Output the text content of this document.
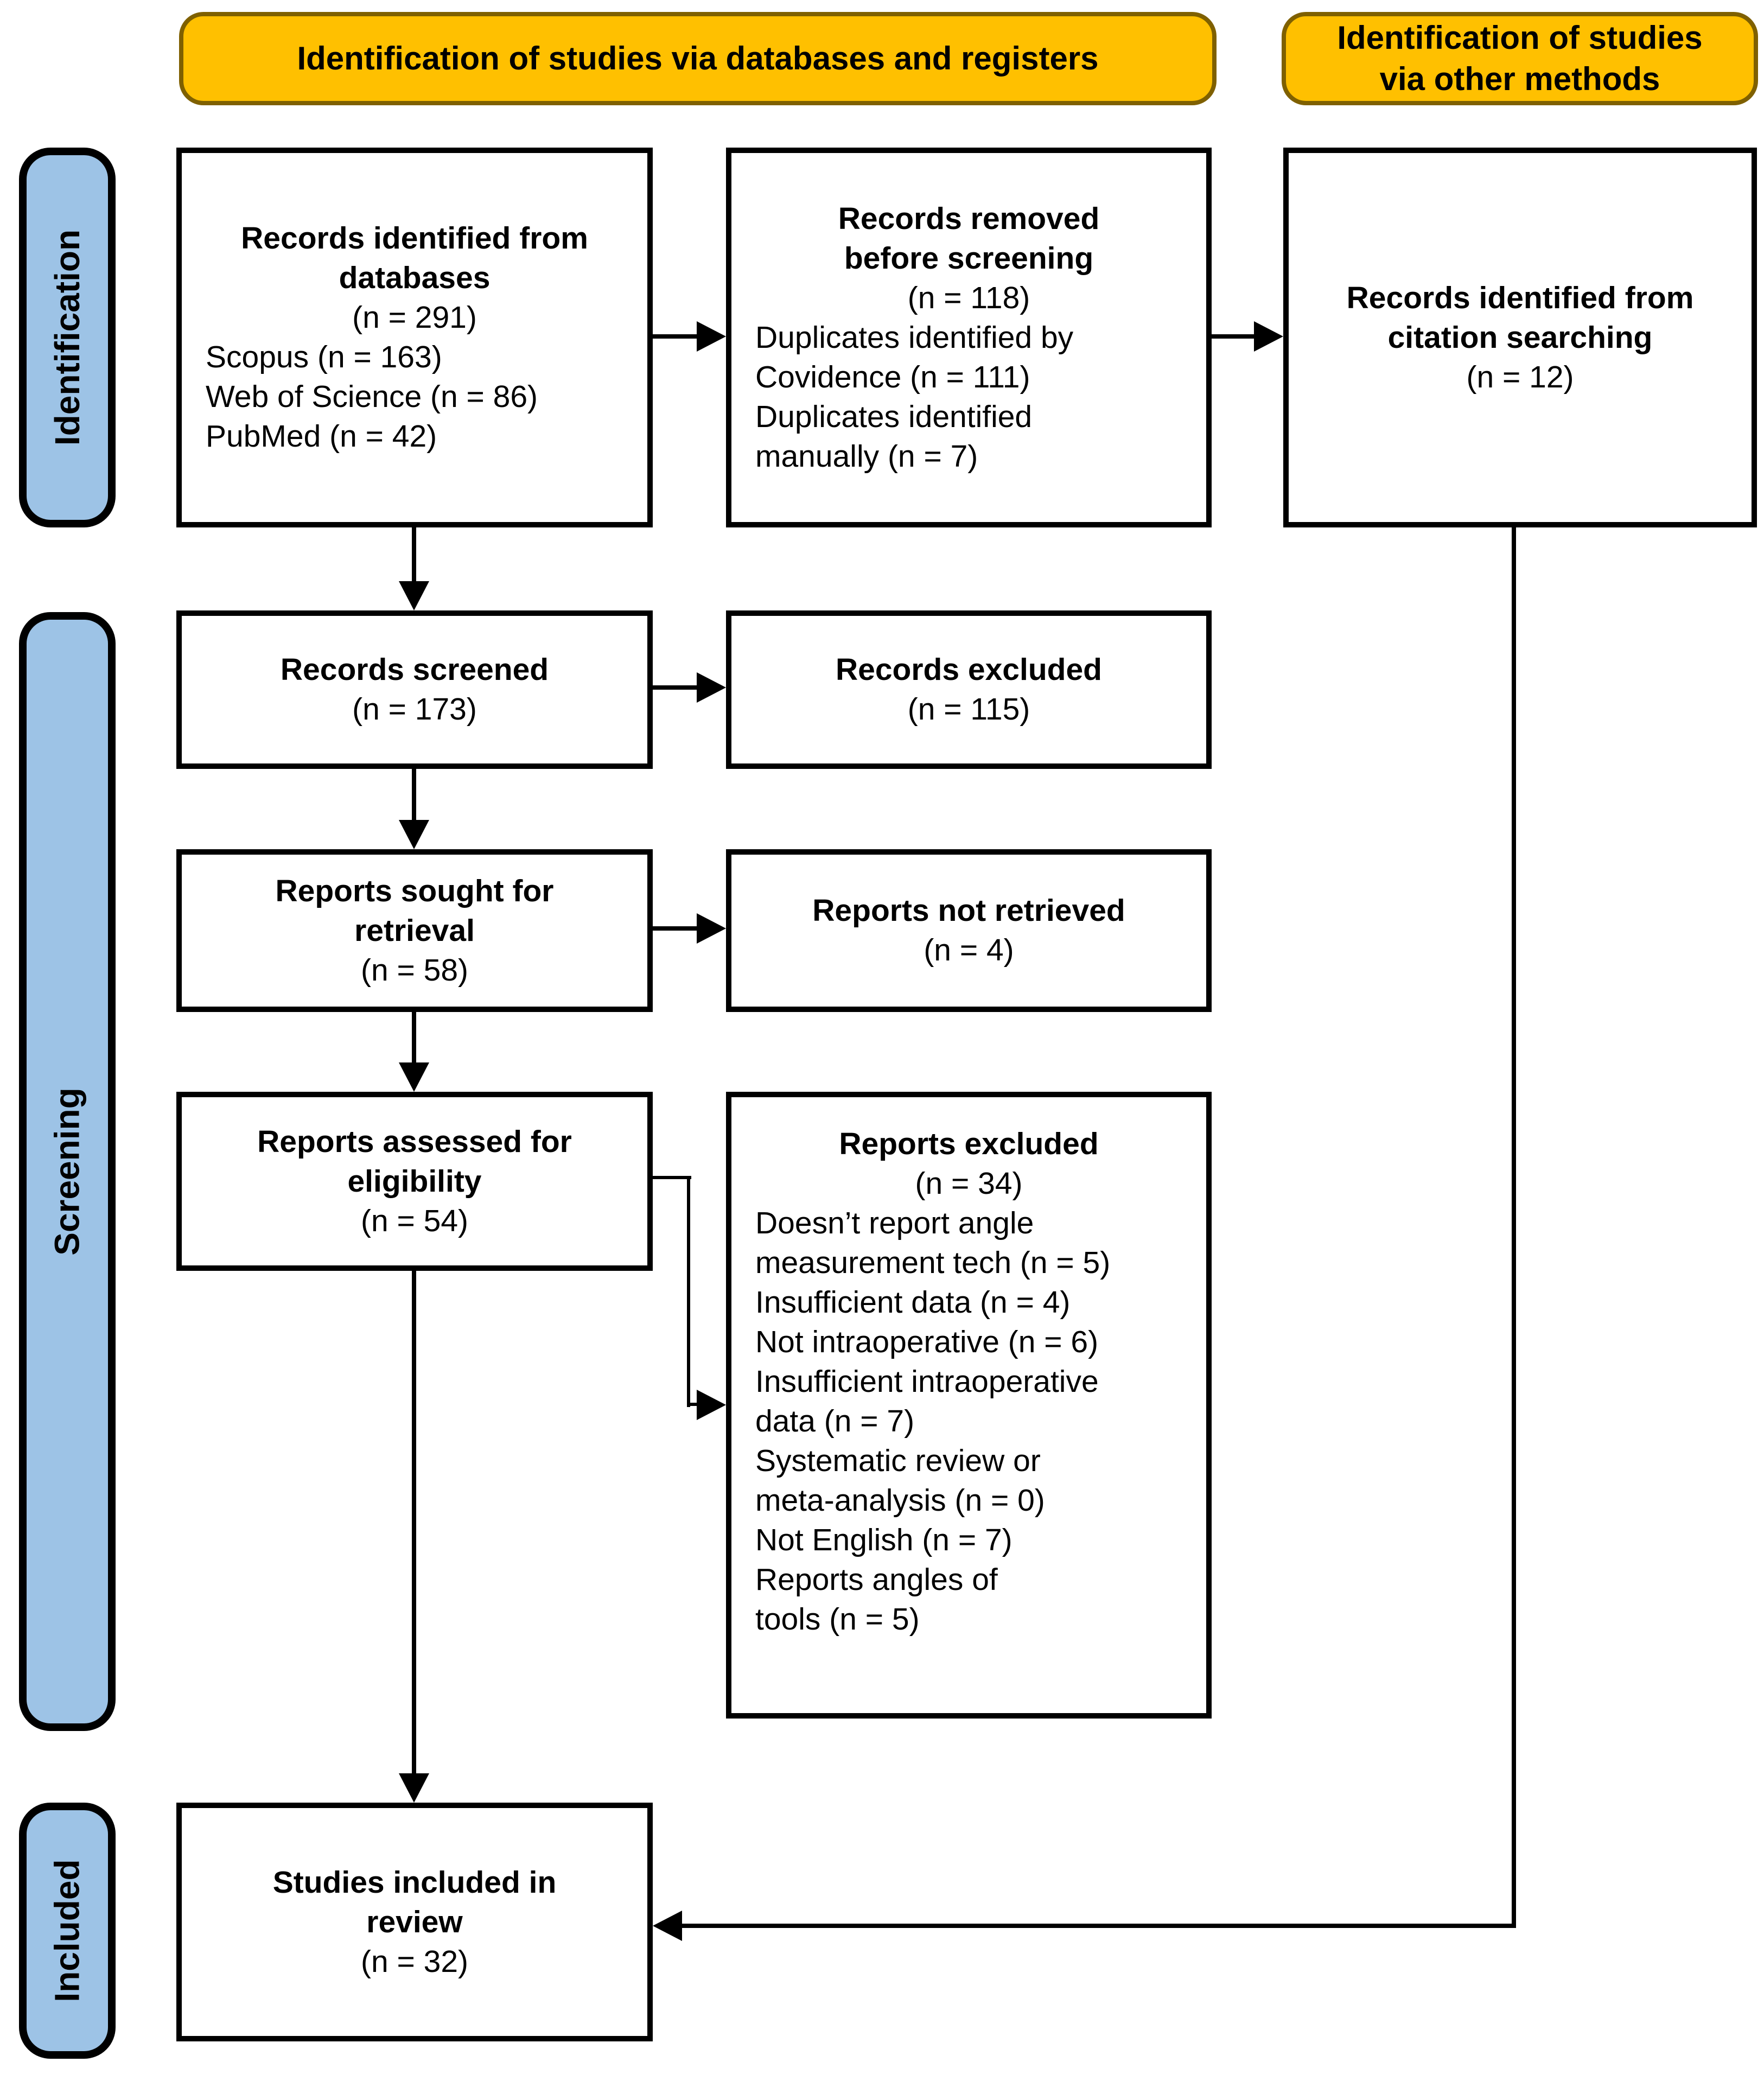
Identification of studies via databases and registers
Identification of studies
via other methods
Identification
Screening
Included
Records identified from
databases
(n = 291)
Scopus (n = 163)
Web of Science (n = 86)
PubMed (n = 42)
Records removed
before screening
(n = 118)
Duplicates identified by
Covidence (n = 111)
Duplicates identified
manually (n = 7)
Records identified from
citation searching
(n = 12)
Records screened
(n = 173)
Records excluded
(n = 115)
Reports sought for
retrieval
(n = 58)
Reports not retrieved
(n = 4)
Reports assessed for
eligibility
(n = 54)
Reports excluded
(n = 34)
Doesn’t report angle
measurement tech (n = 5)
Insufficient data (n = 4)
Not intraoperative (n = 6)
Insufficient intraoperative
data (n = 7)
Systematic review or
meta-analysis (n = 0)
Not English (n = 7)
Reports angles of
tools (n = 5)
Studies included in
review
(n = 32)
